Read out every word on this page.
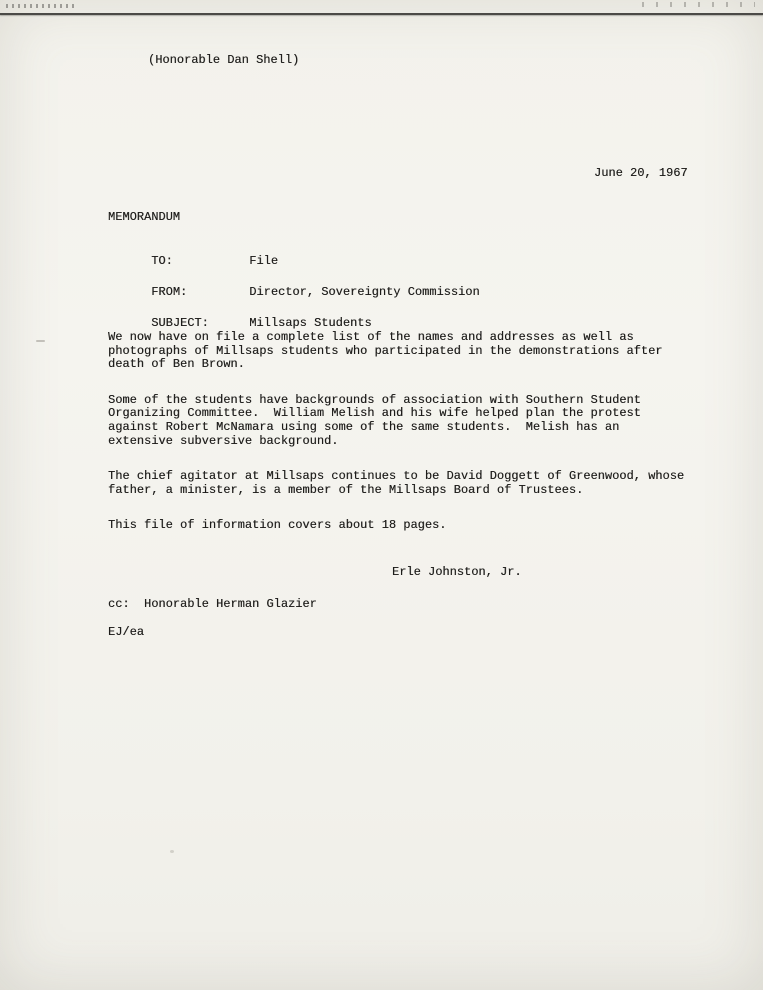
(Honorable Dan Shell)
June 20, 1967
MEMORANDUM

TO:	File

FROM:	Director, Sovereignty Commission

SUBJECT:	Millsaps Students

We now have on file a complete list of the names and addresses as well as photographs of Millsaps students who participated in the demonstrations after death of Ben Brown.

Some of the students have backgrounds of association with Southern Student Organizing Committee.  William Melish and his wife helped plan the protest against Robert McNamara using some of the same students.  Melish has an extensive subversive background.

The chief agitator at Millsaps continues to be David Doggett of Greenwood, whose father, a minister, is a member of the Millsaps Board of Trustees.

This file of information covers about 18 pages.

Erle Johnston, Jr.
cc:  Honorable Herman Glazier
EJ/ea
